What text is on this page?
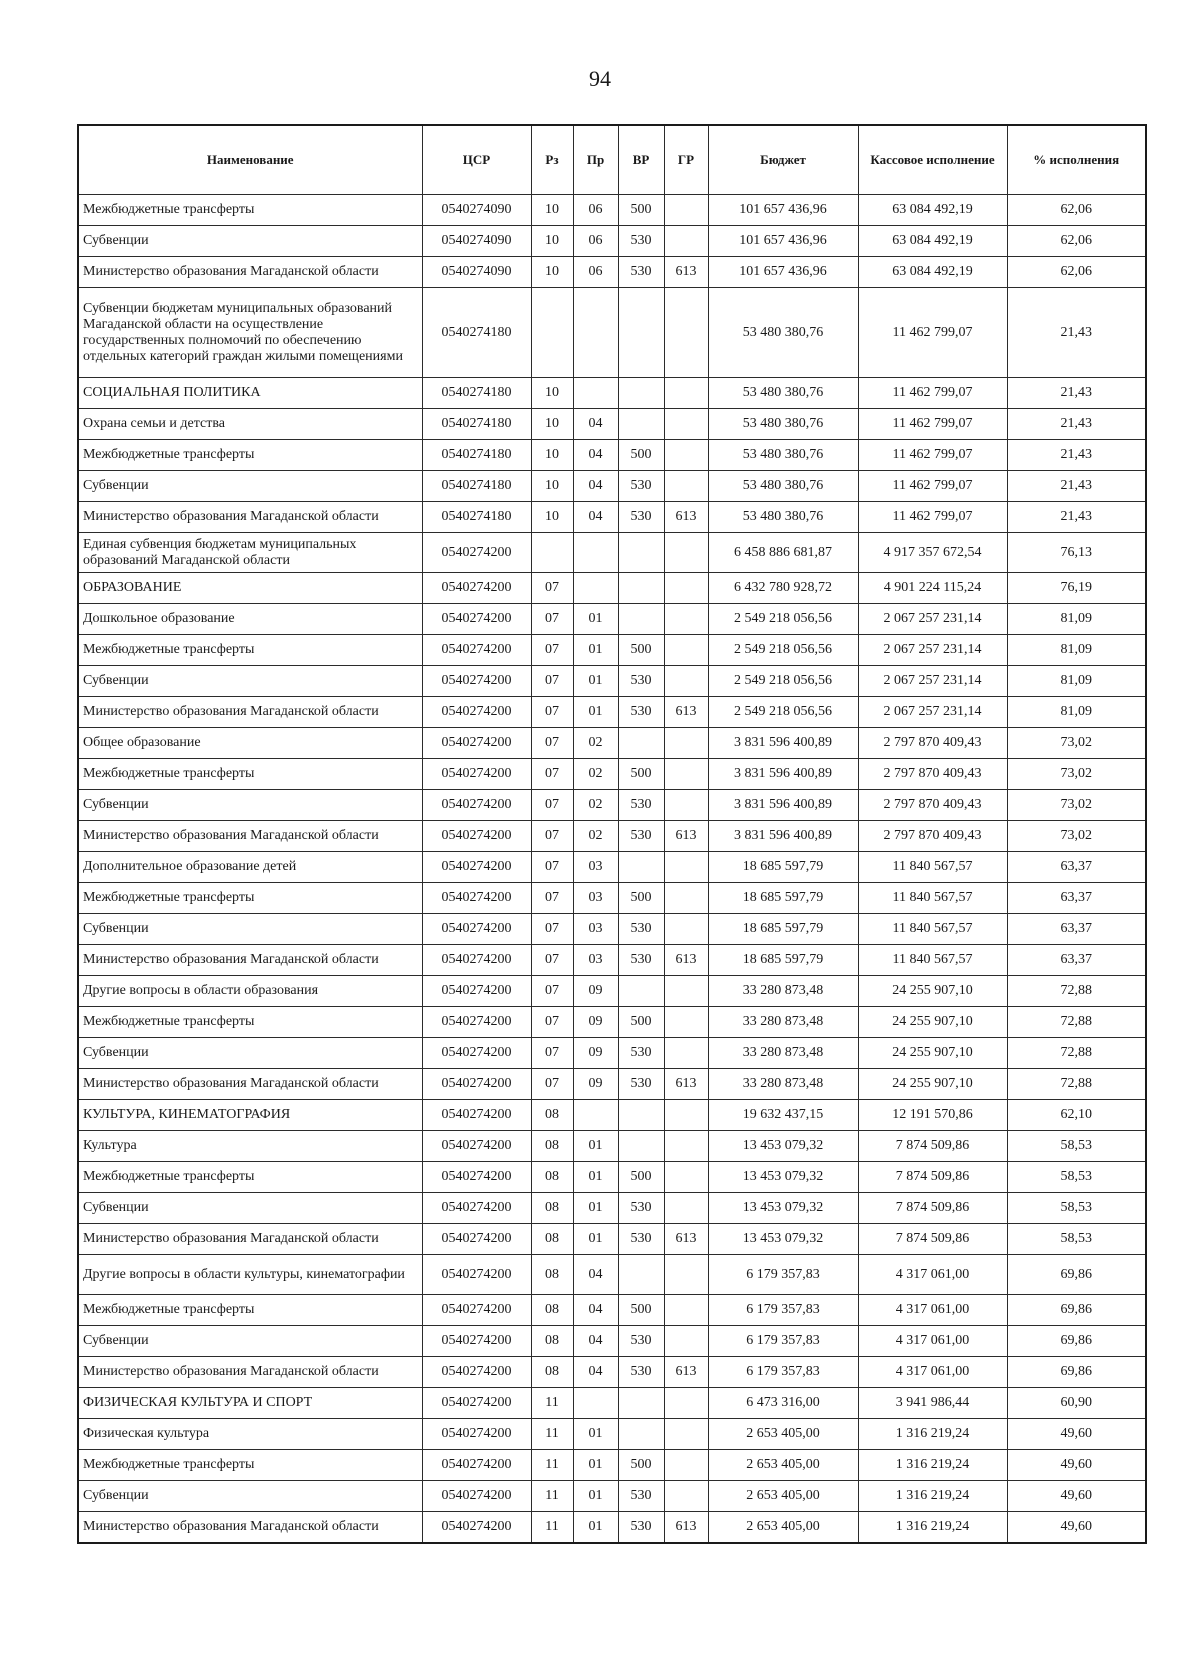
94
Наименование	ЦСР	Рз	Пр	ВР	ГР	Бюджет	Кассовое исполнение	% исполнения
Межбюджетные трансферты	0540274090	10	06	500		101 657 436,96	63 084 492,19	62,06
Субвенции	0540274090	10	06	530		101 657 436,96	63 084 492,19	62,06
Министерство образования Магаданской области	0540274090	10	06	530	613	101 657 436,96	63 084 492,19	62,06
Субвенции бюджетам муниципальных образований Магаданской области на осуществление государственных полномочий по обеспечению отдельных категорий граждан жилыми помещениями	0540274180					53 480 380,76	11 462 799,07	21,43
СОЦИАЛЬНАЯ ПОЛИТИКА	0540274180	10				53 480 380,76	11 462 799,07	21,43
Охрана семьи и детства	0540274180	10	04			53 480 380,76	11 462 799,07	21,43
Межбюджетные трансферты	0540274180	10	04	500		53 480 380,76	11 462 799,07	21,43
Субвенции	0540274180	10	04	530		53 480 380,76	11 462 799,07	21,43
Министерство образования Магаданской области	0540274180	10	04	530	613	53 480 380,76	11 462 799,07	21,43
Единая субвенция бюджетам муниципальных образований Магаданской области	0540274200					6 458 886 681,87	4 917 357 672,54	76,13
ОБРАЗОВАНИЕ	0540274200	07				6 432 780 928,72	4 901 224 115,24	76,19
Дошкольное образование	0540274200	07	01			2 549 218 056,56	2 067 257 231,14	81,09
Межбюджетные трансферты	0540274200	07	01	500		2 549 218 056,56	2 067 257 231,14	81,09
Субвенции	0540274200	07	01	530		2 549 218 056,56	2 067 257 231,14	81,09
Министерство образования Магаданской области	0540274200	07	01	530	613	2 549 218 056,56	2 067 257 231,14	81,09
Общее образование	0540274200	07	02			3 831 596 400,89	2 797 870 409,43	73,02
Межбюджетные трансферты	0540274200	07	02	500		3 831 596 400,89	2 797 870 409,43	73,02
Субвенции	0540274200	07	02	530		3 831 596 400,89	2 797 870 409,43	73,02
Министерство образования Магаданской области	0540274200	07	02	530	613	3 831 596 400,89	2 797 870 409,43	73,02
Дополнительное образование детей	0540274200	07	03			18 685 597,79	11 840 567,57	63,37
Межбюджетные трансферты	0540274200	07	03	500		18 685 597,79	11 840 567,57	63,37
Субвенции	0540274200	07	03	530		18 685 597,79	11 840 567,57	63,37
Министерство образования Магаданской области	0540274200	07	03	530	613	18 685 597,79	11 840 567,57	63,37
Другие вопросы в области образования	0540274200	07	09			33 280 873,48	24 255 907,10	72,88
Межбюджетные трансферты	0540274200	07	09	500		33 280 873,48	24 255 907,10	72,88
Субвенции	0540274200	07	09	530		33 280 873,48	24 255 907,10	72,88
Министерство образования Магаданской области	0540274200	07	09	530	613	33 280 873,48	24 255 907,10	72,88
КУЛЬТУРА, КИНЕМАТОГРАФИЯ	0540274200	08				19 632 437,15	12 191 570,86	62,10
Культура	0540274200	08	01			13 453 079,32	7 874 509,86	58,53
Межбюджетные трансферты	0540274200	08	01	500		13 453 079,32	7 874 509,86	58,53
Субвенции	0540274200	08	01	530		13 453 079,32	7 874 509,86	58,53
Министерство образования Магаданской области	0540274200	08	01	530	613	13 453 079,32	7 874 509,86	58,53
Другие вопросы в области культуры, кинематографии	0540274200	08	04			6 179 357,83	4 317 061,00	69,86
Межбюджетные трансферты	0540274200	08	04	500		6 179 357,83	4 317 061,00	69,86
Субвенции	0540274200	08	04	530		6 179 357,83	4 317 061,00	69,86
Министерство образования Магаданской области	0540274200	08	04	530	613	6 179 357,83	4 317 061,00	69,86
ФИЗИЧЕСКАЯ КУЛЬТУРА И СПОРТ	0540274200	11				6 473 316,00	3 941 986,44	60,90
Физическая культура	0540274200	11	01			2 653 405,00	1 316 219,24	49,60
Межбюджетные трансферты	0540274200	11	01	500		2 653 405,00	1 316 219,24	49,60
Субвенции	0540274200	11	01	530		2 653 405,00	1 316 219,24	49,60
Министерство образования Магаданской области	0540274200	11	01	530	613	2 653 405,00	1 316 219,24	49,60
